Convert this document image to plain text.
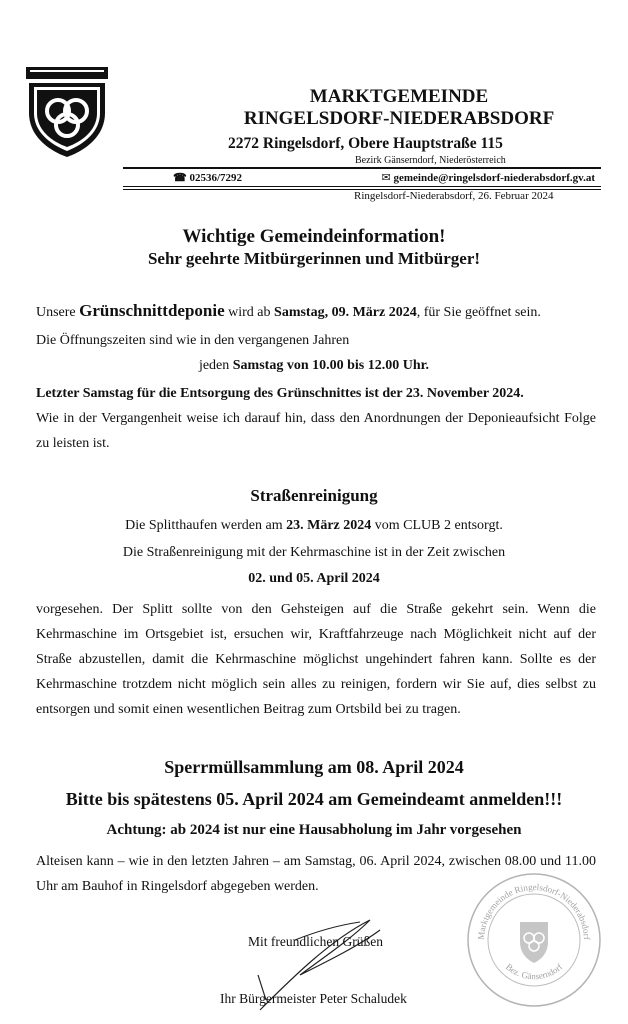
MARKTGEMEINDE
RINGELSDORF-NIEDERABSDORF
2272 Ringelsdorf, Obere Hauptstraße 115
Bezirk Gänserndorf, Niederösterreich
☎ 02536/7292	✉ gemeinde@ringelsdorf-niederabsdorf.gv.at
Ringelsdorf-Niederabsdorf, 26. Februar 2024
Wichtige Gemeindeinformation!
Sehr geehrte Mitbürgerinnen und Mitbürger!
Unsere Grünschnittdeponie wird ab Samstag, 09. März 2024, für Sie geöffnet sein.
Die Öffnungszeiten sind wie in den vergangenen Jahren
jeden Samstag von 10.00 bis 12.00 Uhr.
Letzter Samstag für die Entsorgung des Grünschnittes ist der 23. November 2024.
Wie in der Vergangenheit weise ich darauf hin, dass den Anordnungen der Deponieaufsicht Folge zu leisten ist.
Straßenreinigung
Die Splitthaufen werden am 23. März 2024 vom CLUB 2 entsorgt.
Die Straßenreinigung mit der Kehrmaschine ist in der Zeit zwischen
02. und 05. April 2024
vorgesehen. Der Splitt sollte von den Gehsteigen auf die Straße gekehrt sein. Wenn die Kehrmaschine im Ortsgebiet ist, ersuchen wir, Kraftfahrzeuge nach Möglichkeit nicht auf der Straße abzustellen, damit die Kehrmaschine möglichst ungehindert fahren kann. Sollte es der Kehrmaschine trotzdem nicht möglich sein alles zu reinigen, fordern wir Sie auf, dies selbst zu entsorgen und somit einen wesentlichen Beitrag zum Ortsbild bei zu tragen.
Sperrmüllsammlung am 08. April 2024
Bitte bis spätestens 05. April 2024 am Gemeindeamt anmelden!!!
Achtung: ab 2024 ist nur eine Hausabholung im Jahr vorgesehen
Alteisen kann – wie in den letzten Jahren – am Samstag, 06. April 2024, zwischen 08.00 und 11.00 Uhr am Bauhof in Ringelsdorf abgegeben werden.
Mit freundlichen Grüßen
Ihr Bürgermeister Peter Schaludek
Marktgemeinde Ringelsdorf-Niederabsdorf
Bez. Gänserndorf
